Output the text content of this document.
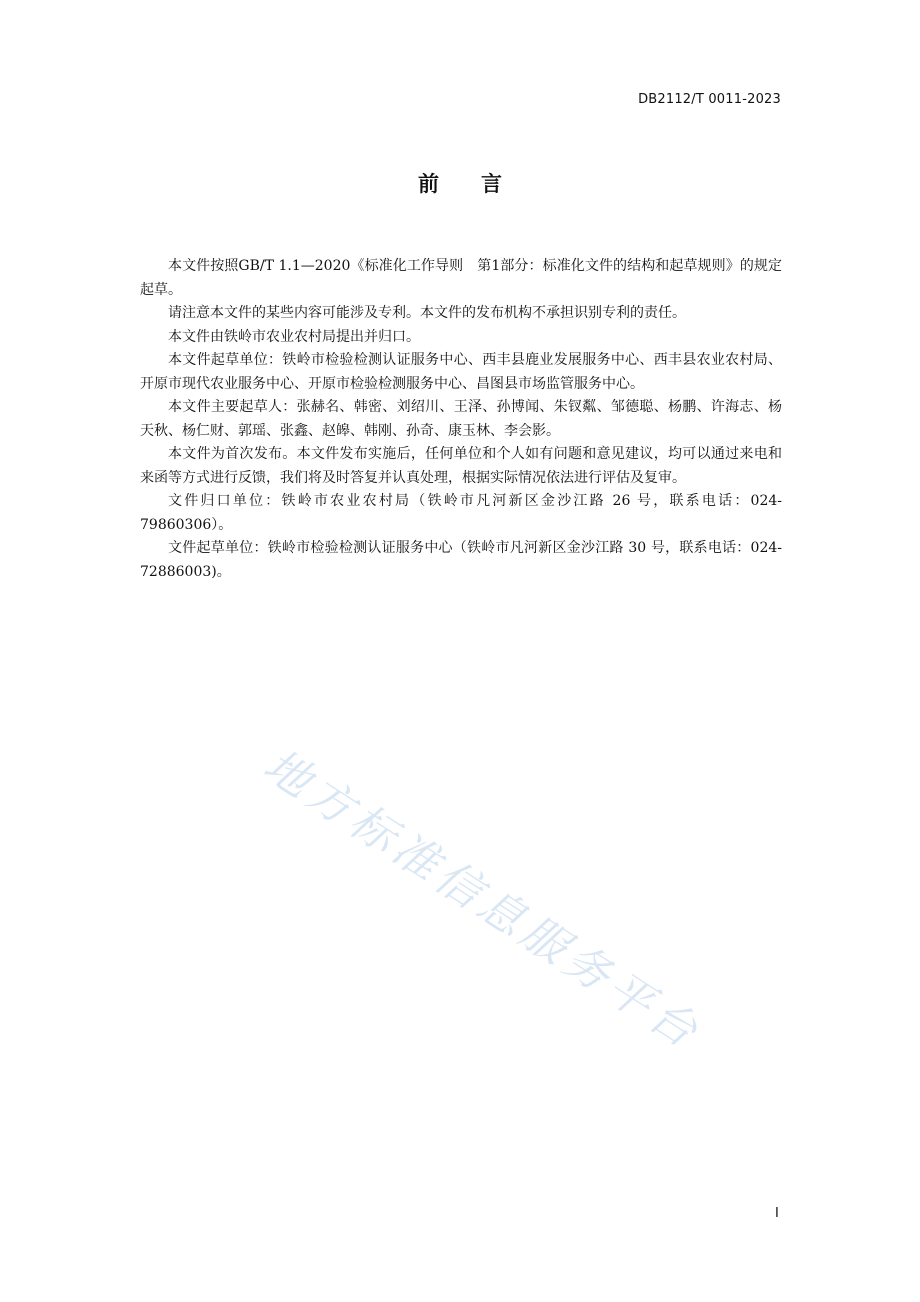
DB2112/T 0011-2023
前 言

本文件按照GB/T 1.1—2020《标准化工作导则　第1部分：标准化文件的结构和起草规则》的规定起草。

请注意本文件的某些内容可能涉及专利。本文件的发布机构不承担识别专利的责任。

本文件由铁岭市农业农村局提出并归口。

本文件起草单位：铁岭市检验检测认证服务中心、西丰县鹿业发展服务中心、西丰县农业农村局、开原市现代农业服务中心、开原市检验检测服务中心、昌图县市场监管服务中心。

本文件主要起草人：张赫名、韩密、刘绍川、王泽、孙博闻、朱钗粼、邹德聪、杨鹏、许海志、杨天秋、杨仁财、郭瑶、张鑫、赵皞、韩刚、孙奇、康玉林、李会影。

本文件为首次发布。本文件发布实施后，任何单位和个人如有问题和意见建议，均可以通过来电和来函等方式进行反馈，我们将及时答复并认真处理，根据实际情况依法进行评估及复审。

文件归口单位：铁岭市农业农村局（铁岭市凡河新区金沙江路 26 号，联系电话：024-79860306）。

文件起草单位：铁岭市检验检测认证服务中心（铁岭市凡河新区金沙江路 30 号，联系电话：024-72886003)。

地方标准信息服务平台
I
